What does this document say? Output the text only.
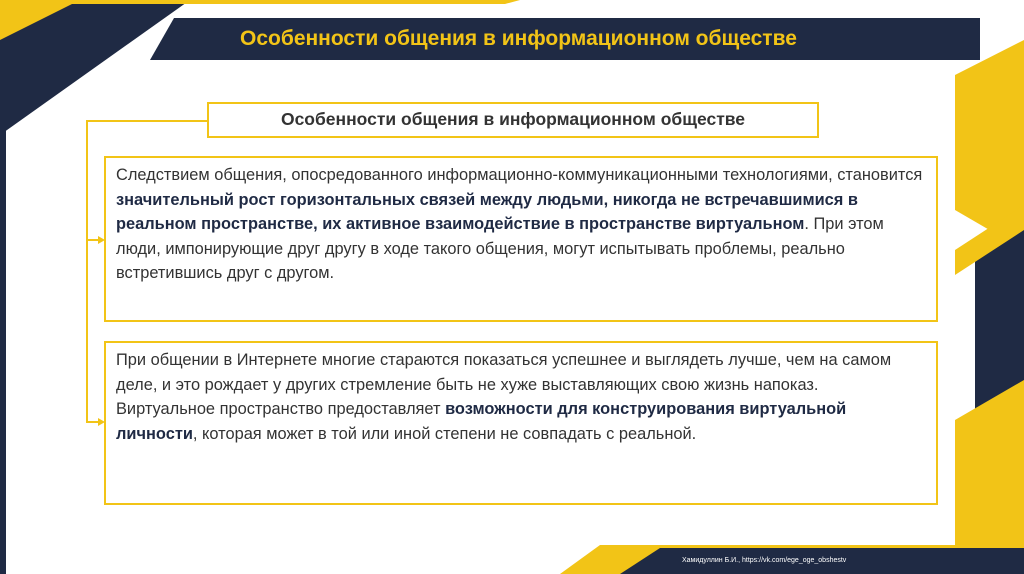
Особенности общения в информационном обществе
Особенности общения в информационном обществе
Следствием общения, опосредованного информационно-коммуникационными технологиями, становится значительный рост горизонтальных связей между людьми, никогда не встречавшимися в реальном пространстве, их активное взаимодействие в пространстве виртуальном. При этом люди, импонирующие друг другу в ходе такого общения, могут испытывать проблемы, реально встретившись друг с другом.
При общении в Интернете многие стараются показаться успешнее и выглядеть лучше, чем на самом деле, и это рождает у других стремление быть не хуже выставляющих свою жизнь напоказ.
Виртуальное пространство предоставляет возможности для конструирования виртуальной личности, которая может в той или иной степени не совпадать с реальной.
Хамидуллин Б.И., https://vk.com/ege_oge_obshestv
